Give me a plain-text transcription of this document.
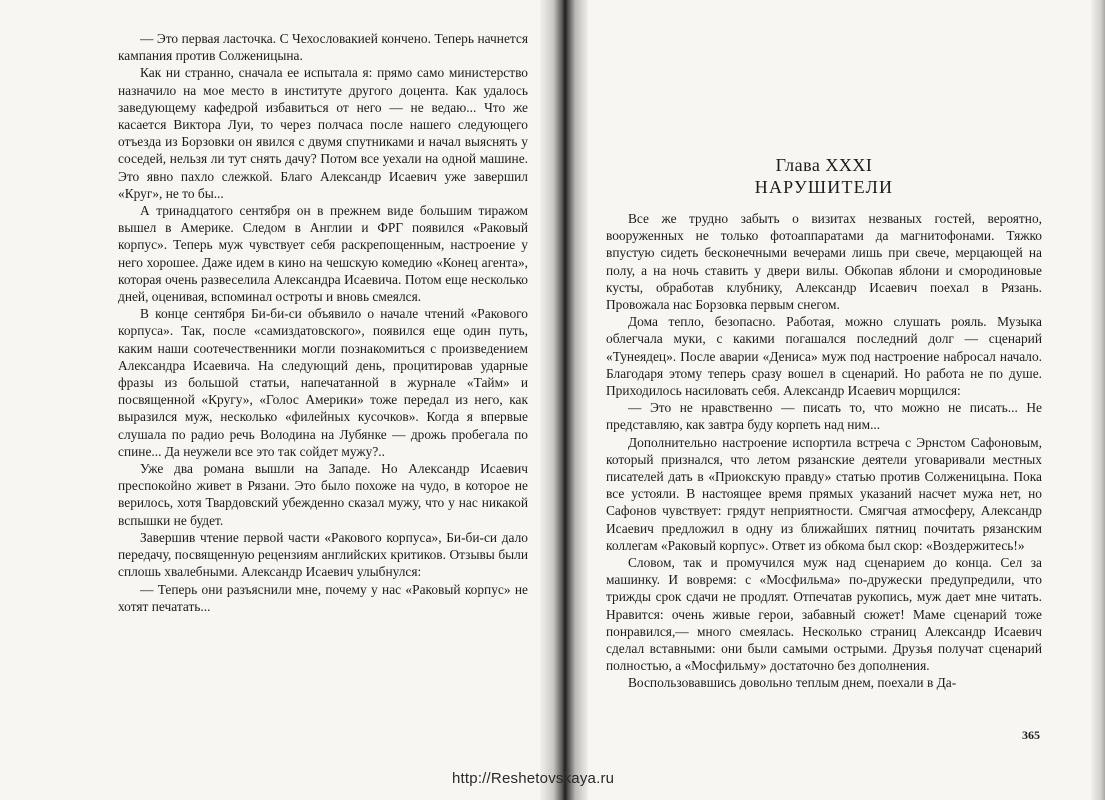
— Это первая ласточка. С Чехословакией кончено. Теперь начнется кампания против Солженицына.

Как ни странно, сначала ее испытала я: прямо само министерство назначило на мое место в институте другого доцента. Как удалось заведующему кафедрой избавиться от него — не ведаю... Что же касается Виктора Луи, то через полчаса после нашего следующего отъезда из Борзовки он явился с двумя спутниками и начал выяснять у соседей, нельзя ли тут снять дачу? Потом все уехали на одной машине. Это явно пахло слежкой. Благо Александр Исаевич уже завершил «Круг», не то бы...

А тринадцатого сентября он в прежнем виде большим тиражом вышел в Америке. Следом в Англии и ФРГ появился «Раковый корпус». Теперь муж чувствует себя раскрепощенным, настроение у него хорошее. Даже идем в кино на чешскую комедию «Конец агента», которая очень развеселила Александра Исаевича. Потом еще несколько дней, оценивая, вспоминал остроты и вновь смеялся.

В конце сентября Би-би-си объявило о начале чтений «Ракового корпуса». Так, после «самиздатовского», появился еще один путь, каким наши соотечественники могли познакомиться с произведением Александра Исаевича. На следующий день, процитировав ударные фразы из большой статьи, напечатанной в журнале «Тайм» и посвященной «Кругу», «Голос Америки» тоже передал из него, как выразился муж, несколько «филейных кусочков». Когда я впервые слушала по радио речь Володина на Лубянке — дрожь пробегала по спине... Да неужели все это так сойдет мужу?..

Уже два романа вышли на Западе. Но Александр Исаевич преспокойно живет в Рязани. Это было похоже на чудо, в которое не верилось, хотя Твардовский убежденно сказал мужу, что у нас никакой вспышки не будет.

Завершив чтение первой части «Ракового корпуса», Би-би-си дало передачу, посвященную рецензиям английских критиков. Отзывы были сплошь хвалебными. Александр Исаевич улыбнулся:

— Теперь они разъяснили мне, почему у нас «Раковый корпус» не хотят печатать...

Глава XXXI
НАРУШИТЕЛИ

Все же трудно забыть о визитах незваных гостей, вероятно, вооруженных не только фотоаппаратами да магнитофонами. Тяжко впустую сидеть бесконечными вечерами лишь при свече, мерцающей на полу, а на ночь ставить у двери вилы. Обкопав яблони и смородиновые кусты, обработав клубнику, Александр Исаевич поехал в Рязань. Провожала нас Борзовка первым снегом.

Дома тепло, безопасно. Работая, можно слушать рояль. Музыка облегчала муки, с какими погашался последний долг — сценарий «Тунеядец». После аварии «Дениса» муж под настроение набросал начало. Благодаря этому теперь сразу вошел в сценарий. Но работа не по душе. Приходилось насиловать себя. Александр Исаевич морщился:

— Это не нравственно — писать то, что можно не писать... Не представляю, как завтра буду корпеть над ним...

Дополнительно настроение испортила встреча с Эрнстом Сафоновым, который признался, что летом рязанские деятели уговаривали местных писателей дать в «Приокскую правду» статью против Солженицына. Пока все устояли. В настоящее время прямых указаний насчет мужа нет, но Сафонов чувствует: грядут неприятности. Смягчая атмосферу, Александр Исаевич предложил в одну из ближайших пятниц почитать рязанским коллегам «Раковый корпус». Ответ из обкома был скор: «Воздержитесь!»

Словом, так и промучился муж над сценарием до конца. Сел за машинку. И вовремя: с «Мосфильма» по-дружески предупредили, что трижды срок сдачи не продлят. Отпечатав рукопись, муж дает мне читать. Нравится: очень живые герои, забавный сюжет! Маме сценарий тоже понравился,— много смеялась. Несколько страниц Александр Исаевич сделал вставными: они были самыми острыми. Друзья получат сценарий полностью, а «Мосфильму» достаточно без дополнения.

Воспользовавшись довольно теплым днем, поехали в Да-

365
http://Reshetovskaya.ru
